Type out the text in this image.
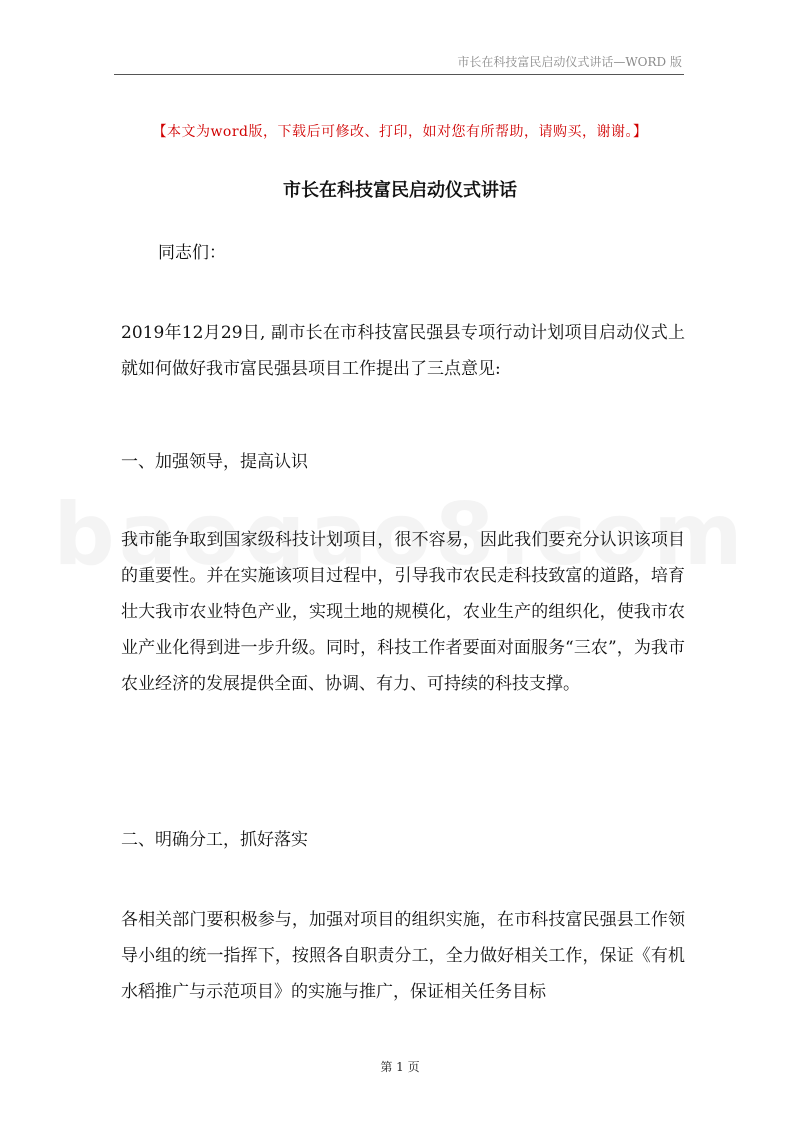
市长在科技富民启动仪式讲话—WORD 版
【本文为word版，下载后可修改、打印，如对您有所帮助，请购买，谢谢。】
市长在科技富民启动仪式讲话

同志们：

2019年12月29日, 副市长在市科技富民强县专项行动计划项目启动仪式上就如何做好我市富民强县项目工作提出了三点意见:

一、加强领导，提高认识

我市能争取到国家级科技计划项目，很不容易，因此我们要充分认识该项目的重要性。并在实施该项目过程中，引导我市农民走科技致富的道路，培育壮大我市农业特色产业，实现土地的规模化，农业生产的组织化，使我市农业产业化得到进一步升级。同时，科技工作者要面对面服务“三农”，为我市农业经济的发展提供全面、协调、有力、可持续的科技支撑。

二、明确分工，抓好落实

各相关部门要积极参与，加强对项目的组织实施，在市科技富民强县工作领导小组的统一指挥下，按照各自职责分工，全力做好相关工作，保证《有机水稻推广与示范项目》的实施与推广，保证相关任务目标

第 1 页
